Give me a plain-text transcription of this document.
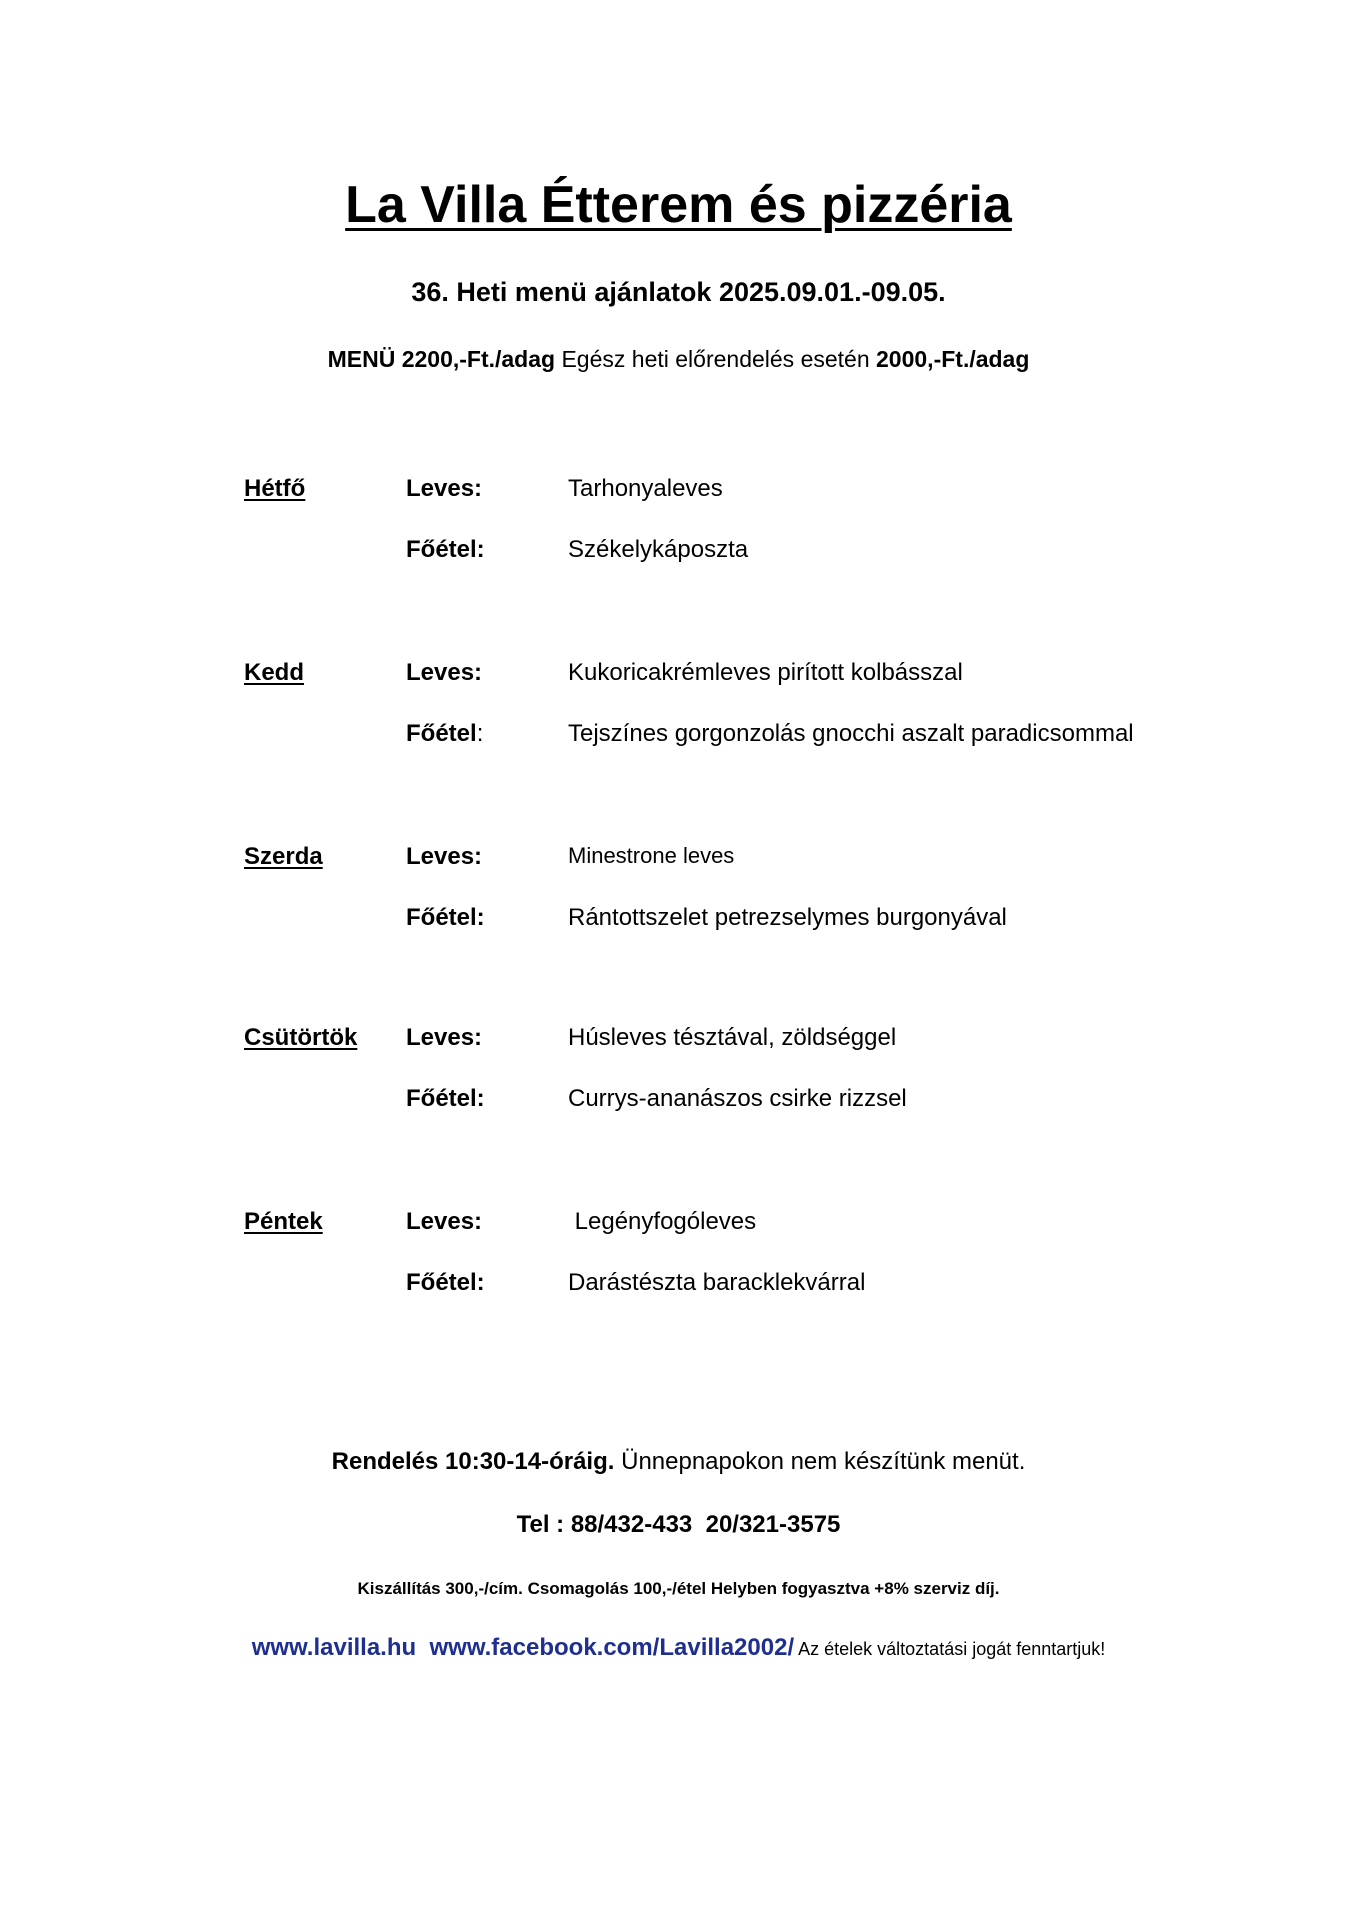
La Villa Étterem és pizzéria
36. Heti menü ajánlatok 2025.09.01.-09.05.
MENÜ 2200,-Ft./adag Egész heti előrendelés esetén 2000,-Ft./adag
Hétfő	Leves:	Tarhonyaleves
Főétel:	Székelykáposzta
Kedd	Leves:	Kukoricakrémleves pirított kolbásszal
Főétel:	Tejszínes gorgonzolás gnocchi aszalt paradicsommal
Szerda	Leves:	Minestrone leves
Főétel:	Rántottszelet petrezselymes burgonyával
Csütörtök Leves:	Húsleves tésztával, zöldséggel
Főétel:	Currys-ananászos csirke rizzsel
Péntek	Leves:	Legényfogóleves
Főétel:	Darástészta baracklekvárral
Rendelés 10:30-14-óráig. Ünnepnapokon nem készítünk menüt.
Tel : 88/432-433  20/321-3575
Kiszállítás 300,-/cím. Csomagolás 100,-/étel Helyben fogyasztva +8% szerviz díj.
www.lavilla.hu www.facebook.com/Lavilla2002/ Az ételek változtatási jogát fenntartjuk!
